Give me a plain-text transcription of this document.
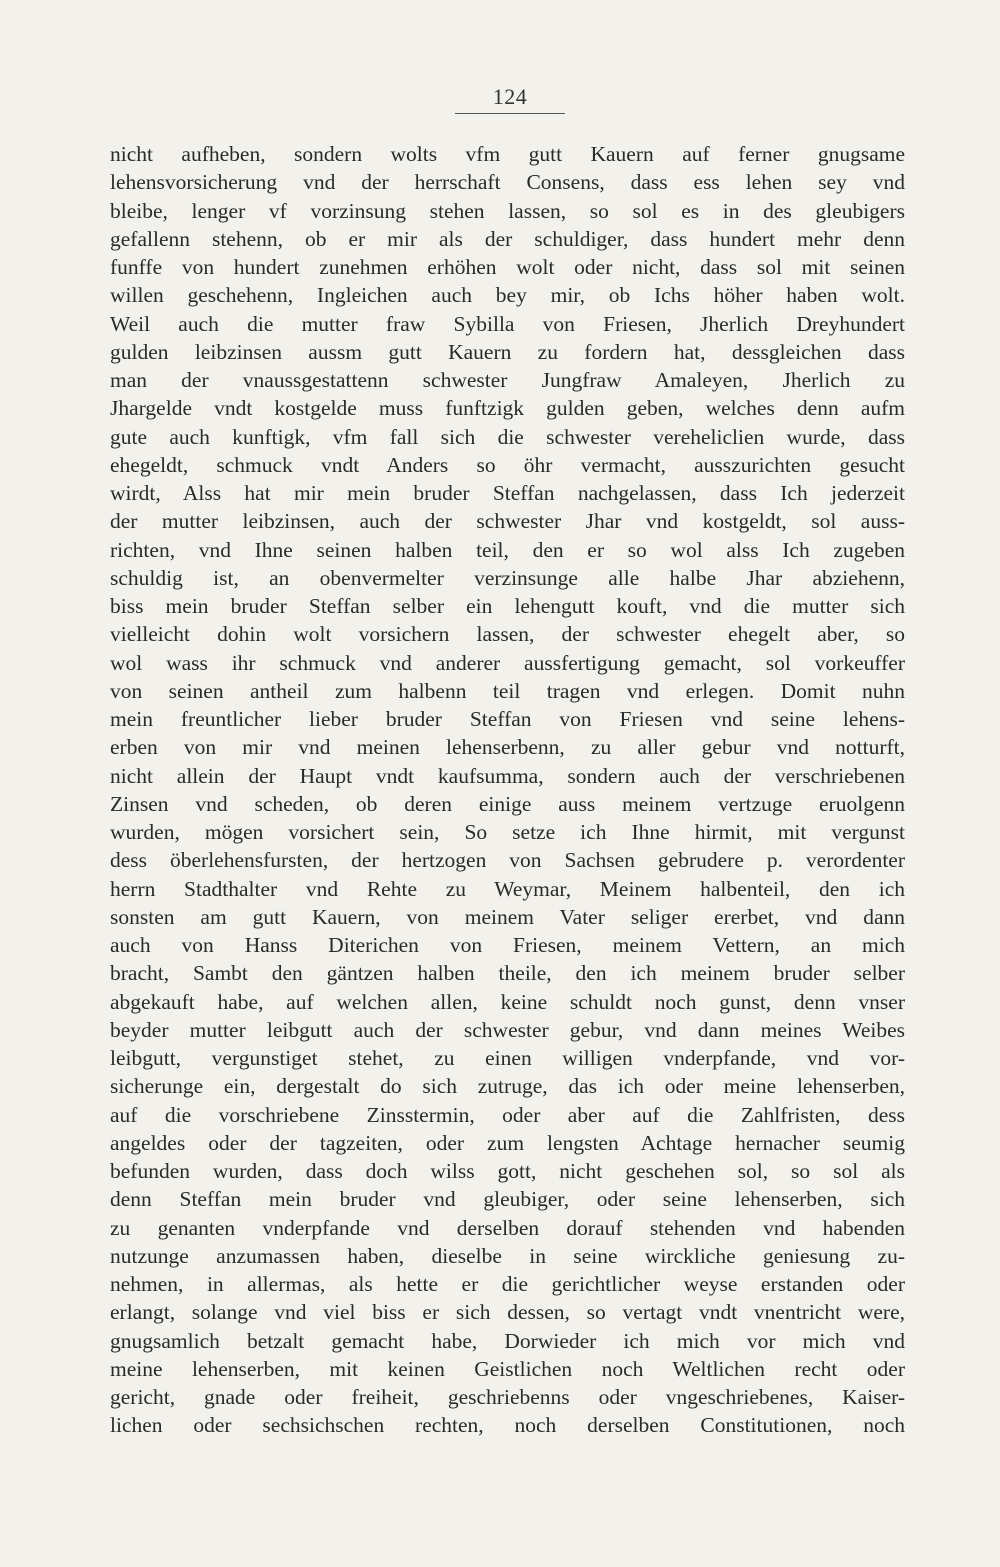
124
nicht aufheben, sondern wolts vfm gutt Kauern auf ferner gnugsame
lehensvorsicherung vnd der herrschaft Consens, dass ess lehen sey vnd
bleibe, lenger vf vorzinsung stehen lassen, so sol es in des gleubigers
gefallenn stehenn, ob er mir als der schuldiger, dass hundert mehr denn
funffe von hundert zunehmen erhöhen wolt oder nicht, dass sol mit seinen
willen geschehenn, Ingleichen auch bey mir, ob Ichs höher haben wolt.
Weil auch die mutter fraw Sybilla von Friesen, Jherlich Dreyhundert
gulden leibzinsen aussm gutt Kauern zu fordern hat, dessgleichen dass
man der vnaussgestattenn schwester Jungfraw Amaleyen, Jherlich zu
Jhargelde vndt kostgelde muss funftzigk gulden geben, welches denn aufm
gute auch kunftigk, vfm fall sich die schwester vereheliclien wurde, dass
ehegeldt, schmuck vndt Anders so öhr vermacht, ausszurichten gesucht
wirdt, Alss hat mir mein bruder Steffan nachgelassen, dass Ich jederzeit
der mutter leibzinsen, auch der schwester Jhar vnd kostgeldt, sol auss-
richten, vnd Ihne seinen halben teil, den er so wol alss Ich zugeben
schuldig ist, an obenvermelter verzinsunge alle halbe Jhar abziehenn,
biss mein bruder Steffan selber ein lehengutt kouft, vnd die mutter sich
vielleicht dohin wolt vorsichern lassen, der schwester ehegelt aber, so
wol wass ihr schmuck vnd anderer aussfertigung gemacht, sol vorkeuffer
von seinen antheil zum halbenn teil tragen vnd erlegen. Domit nuhn
mein freuntlicher lieber bruder Steffan von Friesen vnd seine lehens-
erben von mir vnd meinen lehenserbenn, zu aller gebur vnd notturft,
nicht allein der Haupt vndt kaufsumma, sondern auch der verschriebenen
Zinsen vnd scheden, ob deren einige auss meinem vertzuge eruolgenn
wurden, mögen vorsichert sein, So setze ich Ihne hirmit, mit vergunst
dess öberlehensfursten, der hertzogen von Sachsen gebrudere p. verordenter
herrn Stadthalter vnd Rehte zu Weymar, Meinem halbenteil, den ich
sonsten am gutt Kauern, von meinem Vater seliger ererbet, vnd dann
auch von Hanss Diterichen von Friesen, meinem Vettern, an mich
bracht, Sambt den gäntzen halben theile, den ich meinem bruder selber
abgekauft habe, auf welchen allen, keine schuldt noch gunst, denn vnser
beyder mutter leibgutt auch der schwester gebur, vnd dann meines Weibes
leibgutt, vergunstiget stehet, zu einen willigen vnderpfande, vnd vor-
sicherunge ein, dergestalt do sich zutruge, das ich oder meine lehenserben,
auf die vorschriebene Zinsstermin, oder aber auf die Zahlfristen, dess
angeldes oder der tagzeiten, oder zum lengsten Achtage hernacher seumig
befunden wurden, dass doch wilss gott, nicht geschehen sol, so sol als
denn Steffan mein bruder vnd gleubiger, oder seine lehenserben, sich
zu genanten vnderpfande vnd derselben dorauf stehenden vnd habenden
nutzunge anzumassen haben, dieselbe in seine wirckliche geniesung zu-
nehmen, in allermas, als hette er die gerichtlicher weyse erstanden oder
erlangt, solange vnd viel biss er sich dessen, so vertagt vndt vnentricht were,
gnugsamlich betzalt gemacht habe, Dorwieder ich mich vor mich vnd
meine lehenserben, mit keinen Geistlichen noch Weltlichen recht oder
gericht, gnade oder freiheit, geschriebenns oder vngeschriebenes, Kaiser-
lichen oder sechsichschen rechten, noch derselben Constitutionen, noch
